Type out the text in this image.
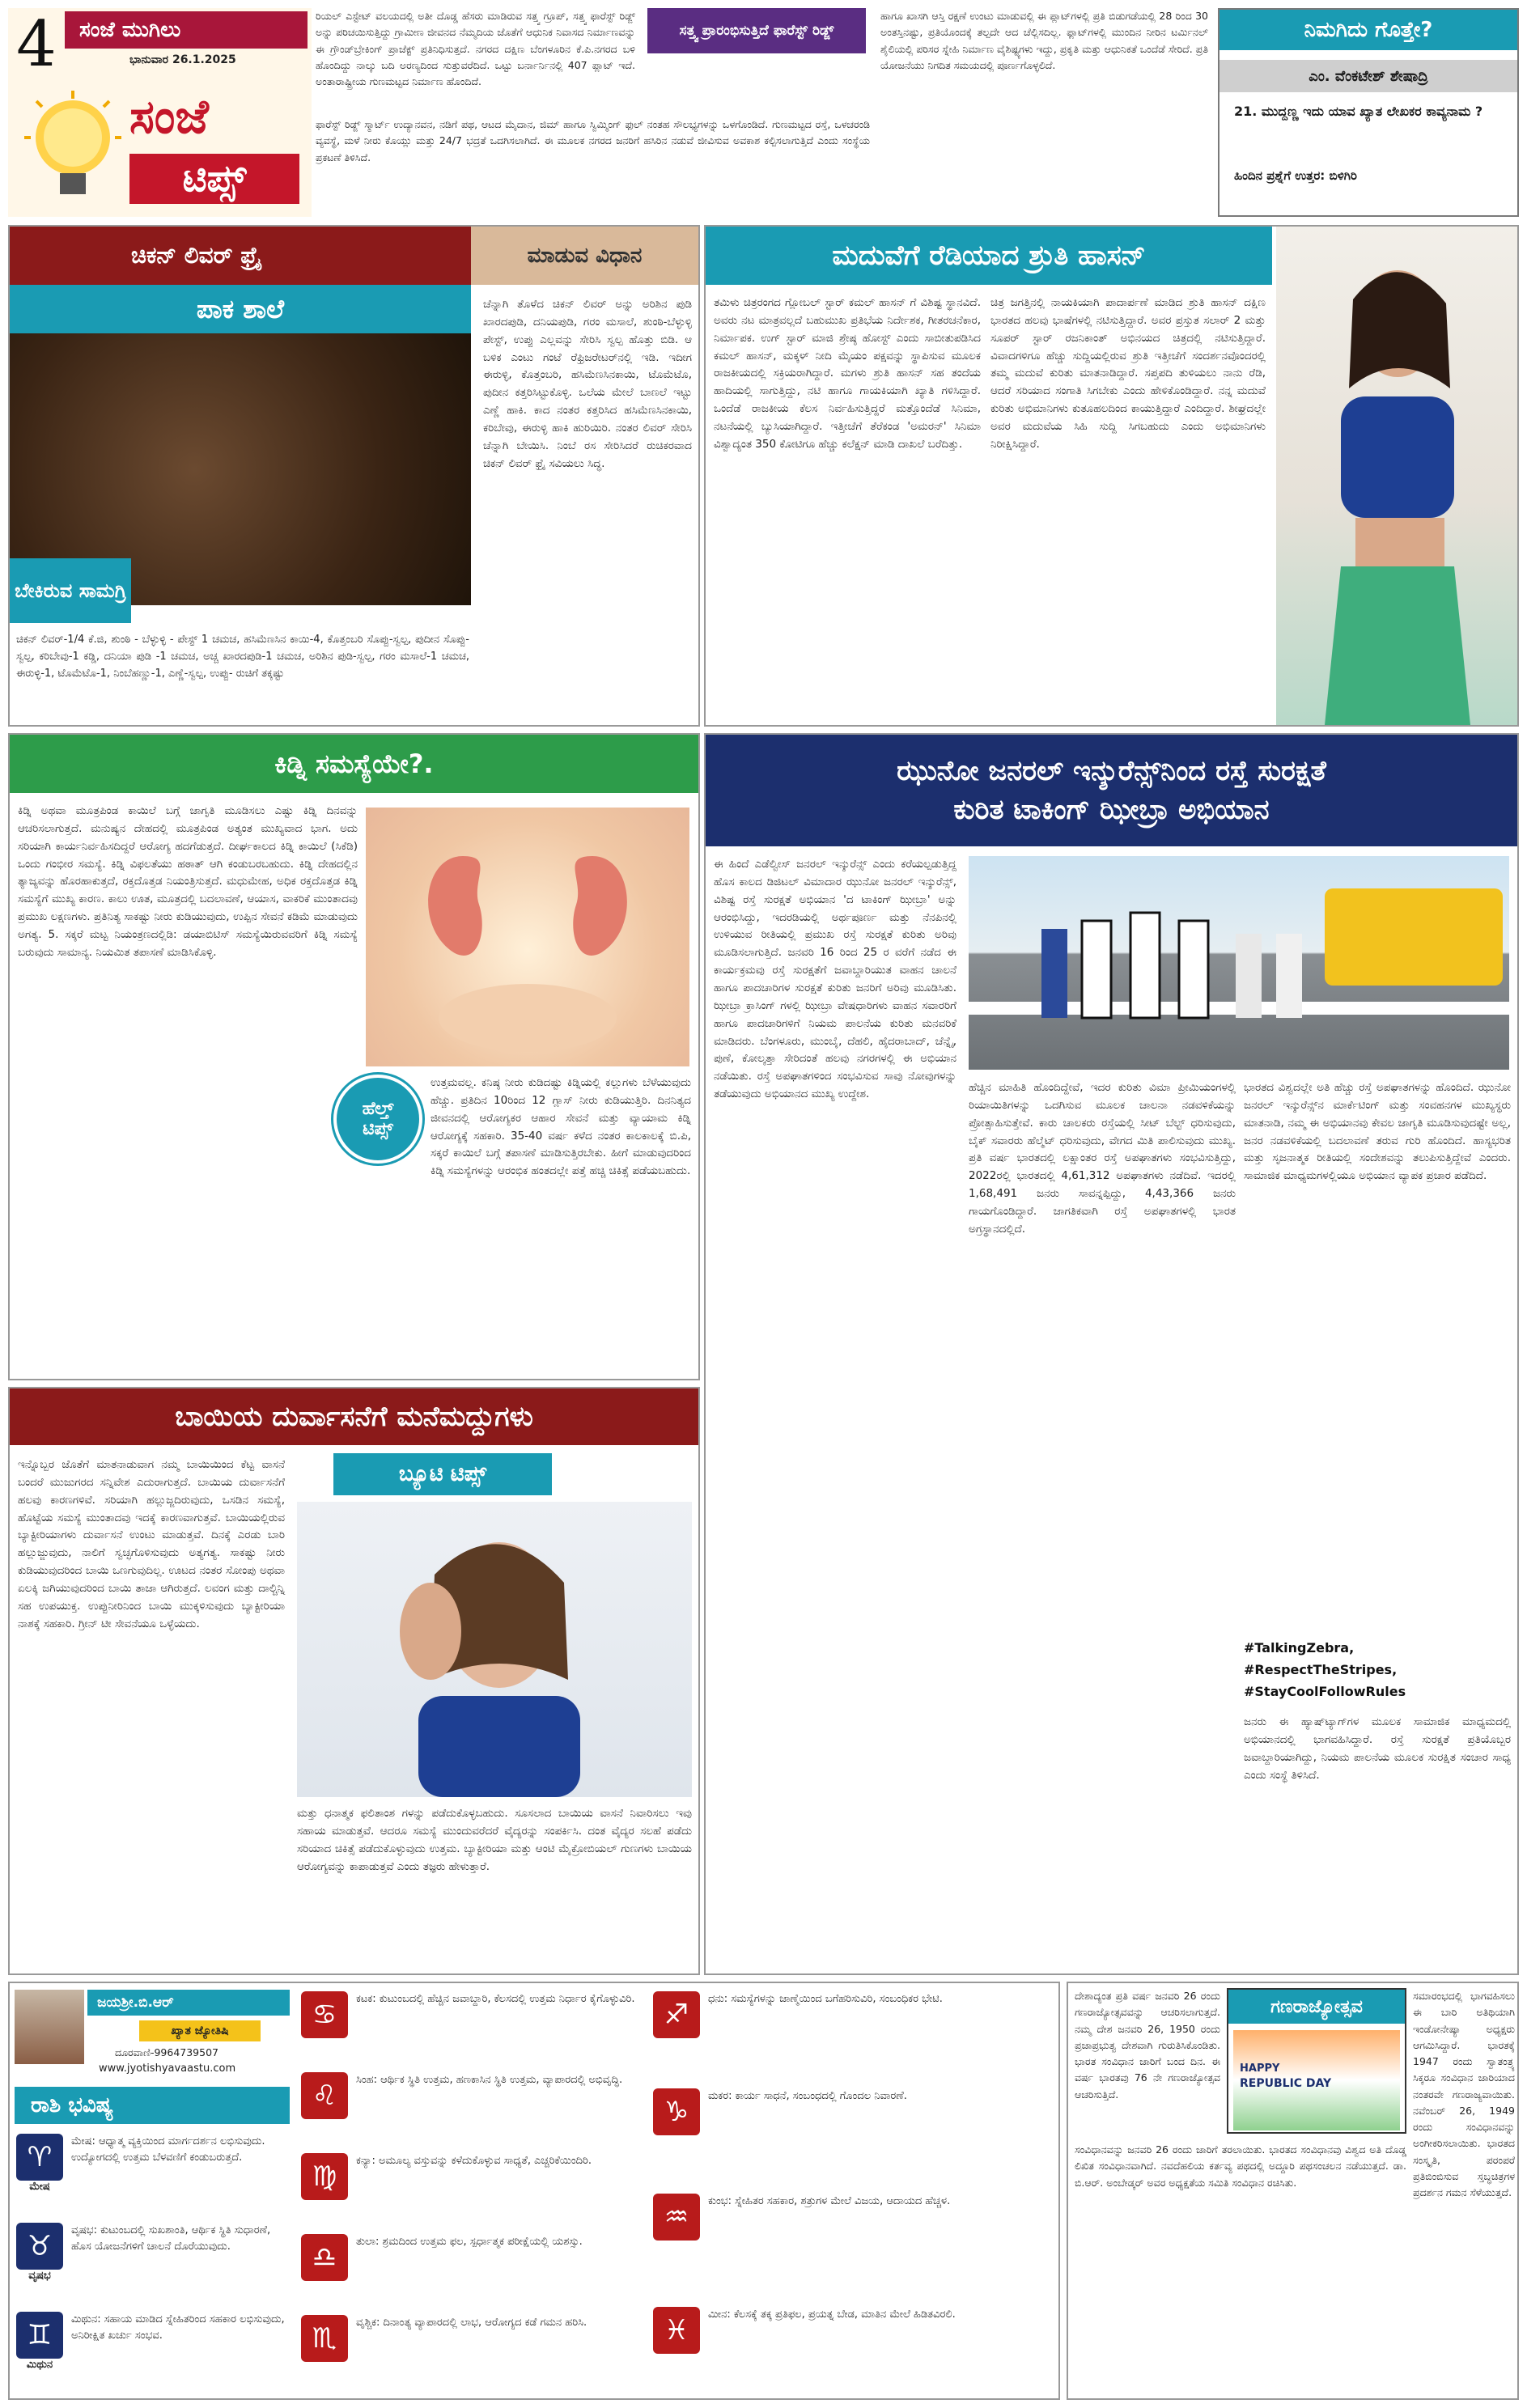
4	ಸಂಜೆ ಮುಗಿಲು
ಭಾನುವಾರ 26.1.2025
ಸಂಜೆ
ಟಿಪ್ಸ್
ರಿಯಲ್ ಎಸ್ಟೇಟ್ ವಲಯದಲ್ಲಿ ಅತೀ ದೊಡ್ಡ ಹೆಸರು ಮಾಡಿರುವ ಸತ್ತ್ವ ಗ್ರೂಪ್, ಸತ್ತ್ವ ಫಾರೆಸ್ಟ್ ರಿಡ್ಜ್ ಅನ್ನು ಪರಿಚಯಿಸುತ್ತಿದ್ದು ಗ್ರಾಮೀಣ ಜೀವನದ ನೆಮ್ಮದಿಯ ಜೊತೆಗೆ ಆಧುನಿಕ ನಿವಾಸದ ನಿರ್ಮಾಣವನ್ನು ಈ ಗ್ರೌಂಡ್‌ಬ್ರೇಕಿಂಗ್ ಪ್ರಾಜೆಕ್ಟ್ ಪ್ರತಿನಿಧಿಸುತ್ತದೆ. ನಗರದ ದಕ್ಷಿಣ ಬೆಂಗಳೂರಿನ ಕೆ.ಪಿ.ನಗರದ ಬಳಿ ಹೊಂದಿದ್ದು ನಾಲ್ಕು ಬದಿ ಅರಣ್ಯದಿಂದ ಸುತ್ತುವರೆದಿದೆ. ಒಟ್ಟು ಬರ್ನಾರ್ನಿನಲ್ಲಿ 407 ಪ್ಲಾಟ್ ಇದೆ. ಅಂತಾರಾಷ್ಟ್ರೀಯ ಗುಣಮಟ್ಟದ ನಿರ್ಮಾಣ ಹೊಂದಿದೆ.
ಸತ್ತ್ವ ಪ್ರಾರಂಭಿಸುತ್ತಿದೆ ಫಾರೆಸ್ಟ್ ರಿಡ್ಜ್
ಫಾರೆಸ್ಟ್ ರಿಡ್ಜ್ ಸ್ಮಾರ್ಟ್ ಉದ್ಯಾನವನ, ನಡಿಗೆ ಪಥ, ಆಟದ ಮೈದಾನ, ಜಿಮ್ ಹಾಗೂ ಸ್ವಿಮ್ಮಿಂಗ್ ಫುಲ್ ನಂತಹ ಸೌಲಭ್ಯಗಳನ್ನು ಒಳಗೊಂಡಿದೆ. ಗುಣಮಟ್ಟದ ರಸ್ತೆ, ಒಳಚರಂಡಿ ವ್ಯವಸ್ಥೆ, ಮಳೆ ನೀರು ಕೊಯ್ಲು ಮತ್ತು 24/7 ಭದ್ರತೆ ಒದಗಿಸಲಾಗಿದೆ. ಈ ಮೂಲಕ ನಗರದ ಜನರಿಗೆ ಹಸಿರಿನ ನಡುವೆ ಜೀವಿಸುವ ಅವಕಾಶ ಕಲ್ಪಿಸಲಾಗುತ್ತಿದೆ ಎಂದು ಸಂಸ್ಥೆಯ ಪ್ರಕಟಣೆ ತಿಳಿಸಿದೆ.
ಹಾಗೂ ಖಾಸಗಿ ಆಸ್ತಿ ರಕ್ಷಣೆ ಉಂಟು ಮಾಡುವಲ್ಲಿ ಈ ಪ್ಲಾಟ್‌ಗಳಲ್ಲಿ ಪ್ರತಿ ಬಿಡುಗಡೆಯಲ್ಲಿ 28 ರಿಂದ 30 ಅಂತಸ್ತಿನಷ್ಟು, ಪ್ರತಿಯೊಂದಕ್ಕೆ ತಲ್ಪದೇ ಆದ ಚೆಲ್ಲಿಸದಿಲ್ಲ. ಫ್ಲಾಟ್‌ಗಳಲ್ಲಿ ಮುಂದಿನ ನೀರಿನ ಟರ್ಮಿನಲ್ ಶೈಲಿಯಲ್ಲಿ ಪರಿಸರ ಸ್ನೇಹಿ ನಿರ್ಮಾಣ ವೈಶಿಷ್ಟ್ಯಗಳು ಇದ್ದು, ಪ್ರಕೃತಿ ಮತ್ತು ಆಧುನಿಕತೆ ಒಂದೆಡೆ ಸೇರಿದೆ. ಪ್ರತಿ ಯೋಜನೆಯು ನಿಗದಿತ ಸಮಯದಲ್ಲಿ ಪೂರ್ಣಗೊಳ್ಳಲಿದೆ.
ನಿಮಗಿದು ಗೊತ್ತೇ?
ಎಂ. ವೆಂಕಟೇಶ್ ಶೇಷಾದ್ರಿ
21. ಮುದ್ದಣ್ಣ ಇದು ಯಾವ ಖ್ಯಾತ ಲೇಖಕರ ಕಾವ್ಯನಾಮ ?
ಹಿಂದಿನ ಪ್ರಶ್ನೆಗೆ ಉತ್ತರ: ಬಿಳಿಗಿರಿ
ಚಿಕನ್ ಲಿವರ್ ಫ್ರೈ	ಮಾಡುವ ವಿಧಾನ
ಪಾಕ ಶಾಲೆ
ಬೇಕಿರುವ ಸಾಮಗ್ರಿ
ಚಿಕನ್ ಲಿವರ್-1/4 ಕೆ.ಜಿ, ಶುಂಠಿ - ಬೆಳ್ಳುಳ್ಳಿ - ಪೇಸ್ಟ್ 1 ಚಮಚ, ಹಸಿಮೆಣಸಿನ ಕಾಯಿ-4, ಕೊತ್ತಂಬರಿ ಸೊಪ್ಪು-ಸ್ವಲ್ಪ, ಪುದೀನ ಸೊಪ್ಪು-ಸ್ವಲ್ಪ, ಕರಿಬೇವು-1 ಕಡ್ಡಿ, ದನಿಯಾ ಪುಡಿ -1 ಚಮಚ, ಅಚ್ಚ ಖಾರದಪುಡಿ-1 ಚಮಚ, ಅರಿಶಿನ ಪುಡಿ-ಸ್ವಲ್ಪ, ಗರಂ ಮಸಾಲೆ-1 ಚಮಚ, ಈರುಳ್ಳಿ-1, ಟೊಮೆಟೊ-1, ನಿಂಬೆಹಣ್ಣು-1, ಎಣ್ಣೆ-ಸ್ವಲ್ಪ, ಉಪ್ಪು- ರುಚಿಗೆ ತಕ್ಕಷ್ಟು
ಚೆನ್ನಾಗಿ ತೊಳೆದ ಚಿಕನ್ ಲಿವರ್ ಅನ್ನು ಅರಿಶಿನ ಪುಡಿ ಖಾರದಪುಡಿ, ದನಿಯಪುಡಿ, ಗರಂ ಮಸಾಲೆ, ಶುಂಠಿ-ಬೆಳ್ಳುಳ್ಳಿ ಪೇಸ್ಟ್, ಉಪ್ಪು ಎಲ್ಲವನ್ನು ಸೇರಿಸಿ ಸ್ವಲ್ಪ ಹೊತ್ತು ಬಿಡಿ. ಆ ಬಳಿಕ ಎಂಟು ಗಂಟೆ ರೆಫ್ರಿಜರೇಟರ್‌ನಲ್ಲಿ ಇಡಿ. ಇದೀಗ ಈರುಳ್ಳಿ, ಕೊತ್ತಂಬರಿ, ಹಸಿಮೆಣಸಿನಕಾಯಿ, ಟೊಮೆಟೊ, ಪುದೀನ ಕತ್ತರಿಸಿಟ್ಟುಕೊಳ್ಳಿ. ಒಲೆಯ ಮೇಲೆ ಬಾಣಲೆ ಇಟ್ಟು ಎಣ್ಣೆ ಹಾಕಿ. ಕಾದ ನಂತರ ಕತ್ತರಿಸಿದ ಹಸಿಮೆಣಸಿನಕಾಯಿ, ಕರಿಬೇವು, ಈರುಳ್ಳಿ ಹಾಕಿ ಹುರಿಯಿರಿ. ನಂತರ ಲಿವರ್ ಸೇರಿಸಿ ಚೆನ್ನಾಗಿ ಬೇಯಿಸಿ. ನಿಂಬೆ ರಸ ಸೇರಿಸಿದರೆ ರುಚಿಕರವಾದ ಚಿಕನ್ ಲಿವರ್ ಫ್ರೈ ಸವಿಯಲು ಸಿದ್ಧ.
ಮದುವೆಗೆ ರೆಡಿಯಾದ ಶ್ರುತಿ ಹಾಸನ್
ತಮಿಳು ಚಿತ್ರರಂಗದ ಗ್ಲೋಬಲ್ ಸ್ಟಾರ್ ಕಮಲ್ ಹಾಸನ್ ಗೆ ವಿಶಿಷ್ಟ ಸ್ಥಾನವಿದೆ. ಅವರು ನಟ ಮಾತ್ರವಲ್ಲದೆ ಬಹುಮುಖ ಪ್ರತಿಭೆಯ ನಿರ್ದೇಶಕ, ಗೀತರಚನೆಕಾರ, ನಿರ್ಮಾಪಕ. ಉಗ್ ಸ್ಟಾರ್ ಮಾಜಿ ಶ್ರೇಷ್ಠ ಹೋಸ್ಟ್ ಎಂದು ಸಾಬೀತುಪಡಿಸಿದ ಕಮಲ್ ಹಾಸನ್, ಮಕ್ಕಳ್ ನೀದಿ ಮೈಯಂ ಪಕ್ಷವನ್ನು ಸ್ಥಾಪಿಸುವ ಮೂಲಕ ರಾಜಕೀಯದಲ್ಲಿ ಸಕ್ರಿಯರಾಗಿದ್ದಾರೆ. ಮಗಳು ಶ್ರುತಿ ಹಾಸನ್ ಸಹ ತಂದೆಯ ಹಾದಿಯಲ್ಲಿ ಸಾಗುತ್ತಿದ್ದು, ನಟಿ ಹಾಗೂ ಗಾಯಕಿಯಾಗಿ ಖ್ಯಾತಿ ಗಳಿಸಿದ್ದಾರೆ. ಒಂದೆಡೆ ರಾಜಕೀಯ ಕೆಲಸ ನಿರ್ವಹಿಸುತ್ತಿದ್ದರೆ ಮತ್ತೊಂದೆಡೆ ಸಿನಿಮಾ, ನಟನೆಯಲ್ಲಿ ಬ್ಯುಸಿಯಾಗಿದ್ದಾರೆ. ಇತ್ತೀಚೆಗೆ ತೆರೆಕಂಡ 'ಅಮರನ್' ಸಿನಿಮಾ ವಿಶ್ವಾದ್ಯಂತ 350 ಕೋಟಿಗೂ ಹೆಚ್ಚು ಕಲೆಕ್ಷನ್ ಮಾಡಿ ದಾಖಲೆ ಬರೆದಿತ್ತು.
ಚಿತ್ರ ಜಗತ್ತಿನಲ್ಲಿ ನಾಯಕಿಯಾಗಿ ಪಾದಾರ್ಪಣೆ ಮಾಡಿದ ಶ್ರುತಿ ಹಾಸನ್ ದಕ್ಷಿಣ ಭಾರತದ ಹಲವು ಭಾಷೆಗಳಲ್ಲಿ ನಟಿಸುತ್ತಿದ್ದಾರೆ. ಅವರ ಪ್ರಸ್ತುತ ಸಲಾರ್ 2 ಮತ್ತು ಸೂಪರ್ ಸ್ಟಾರ್ ರಜನಿಕಾಂತ್ ಅಭಿನಯದ ಚಿತ್ರದಲ್ಲಿ ನಟಿಸುತ್ತಿದ್ದಾರೆ. ವಿವಾದಗಳಿಗೂ ಹೆಚ್ಚು ಸುದ್ದಿಯಲ್ಲಿರುವ ಶ್ರುತಿ ಇತ್ತೀಚೆಗೆ ಸಂದರ್ಶನವೊಂದರಲ್ಲಿ ತಮ್ಮ ಮದುವೆ ಕುರಿತು ಮಾತನಾಡಿದ್ದಾರೆ. ಸಪ್ತಪದಿ ತುಳಿಯಲು ನಾನು ರೆಡಿ, ಆದರೆ ಸರಿಯಾದ ಸಂಗಾತಿ ಸಿಗಬೇಕು ಎಂದು ಹೇಳಿಕೊಂಡಿದ್ದಾರೆ. ನನ್ನ ಮದುವೆ ಕುರಿತು ಅಭಿಮಾನಿಗಳು ಕುತೂಹಲದಿಂದ ಕಾಯುತ್ತಿದ್ದಾರೆ ಎಂದಿದ್ದಾರೆ. ಶೀಘ್ರದಲ್ಲೇ ಅವರ ಮದುವೆಯ ಸಿಹಿ ಸುದ್ದಿ ಸಿಗಬಹುದು ಎಂದು ಅಭಿಮಾನಿಗಳು ನಿರೀಕ್ಷಿಸಿದ್ದಾರೆ.
ಕಿಡ್ನಿ ಸಮಸ್ಯೆಯೇ?.
ಕಿಡ್ನಿ ಅಥವಾ ಮೂತ್ರಪಿಂಡ ಕಾಯಿಲೆ ಬಗ್ಗೆ ಜಾಗೃತಿ ಮೂಡಿಸಲು ಎಷ್ಟು ಕಿಡ್ನಿ ದಿನವನ್ನು ಆಚರಿಸಲಾಗುತ್ತದೆ. ಮನುಷ್ಯನ ದೇಹದಲ್ಲಿ ಮೂತ್ರಪಿಂಡ ಅತ್ಯಂತ ಮುಖ್ಯವಾದ ಭಾಗ. ಅದು ಸರಿಯಾಗಿ ಕಾರ್ಯನಿರ್ವಹಿಸದಿದ್ದರೆ ಆರೋಗ್ಯ ಹದಗೆಡುತ್ತದೆ. ದೀರ್ಘಕಾಲದ ಕಿಡ್ನಿ ಕಾಯಿಲೆ (ಸಿಕೆಡಿ) ಒಂದು ಗಂಭೀರ ಸಮಸ್ಯೆ. ಕಿಡ್ನಿ ವಿಫಲತೆಯು ಹಠಾತ್ ಆಗಿ ಕಂಡುಬರಬಹುದು. ಕಿಡ್ನಿ ದೇಹದಲ್ಲಿನ ತ್ಯಾಜ್ಯವನ್ನು ಹೊರಹಾಕುತ್ತದೆ, ರಕ್ತದೊತ್ತಡ ನಿಯಂತ್ರಿಸುತ್ತದೆ. ಮಧುಮೇಹ, ಅಧಿಕ ರಕ್ತದೊತ್ತಡ ಕಿಡ್ನಿ ಸಮಸ್ಯೆಗೆ ಮುಖ್ಯ ಕಾರಣ. ಕಾಲು ಊತ, ಮೂತ್ರದಲ್ಲಿ ಬದಲಾವಣೆ, ಆಯಾಸ, ವಾಕರಿಕೆ ಮುಂತಾದವು ಪ್ರಮುಖ ಲಕ್ಷಣಗಳು. ಪ್ರತಿನಿತ್ಯ ಸಾಕಷ್ಟು ನೀರು ಕುಡಿಯುವುದು, ಉಪ್ಪಿನ ಸೇವನೆ ಕಡಿಮೆ ಮಾಡುವುದು ಅಗತ್ಯ. 5. ಸಕ್ಕರೆ ಮಟ್ಟ ನಿಯಂತ್ರಣದಲ್ಲಿಡಿ: ಡಯಾಬಿಟಿಸ್ ಸಮಸ್ಯೆಯಿರುವವರಿಗೆ ಕಿಡ್ನಿ ಸಮಸ್ಯೆ ಬರುವುದು ಸಾಮಾನ್ಯ. ನಿಯಮಿತ ತಪಾಸಣೆ ಮಾಡಿಸಿಕೊಳ್ಳಿ.
ಹೆಲ್ತ್
ಟಿಪ್ಸ್
ಉತ್ತಮವಲ್ಲ. ಕನಿಷ್ಠ ನೀರು ಕುಡಿದಷ್ಟು ಕಿಡ್ನಿಯಲ್ಲಿ ಕಲ್ಲುಗಳು ಬೆಳೆಯುವುದು ಹೆಚ್ಚು. ಪ್ರತಿದಿನ 10ರಿಂದ 12 ಗ್ಲಾಸ್ ನೀರು ಕುಡಿಯುತ್ತಿರಿ. ದಿನನಿತ್ಯದ ಜೀವನದಲ್ಲಿ ಆರೋಗ್ಯಕರ ಆಹಾರ ಸೇವನೆ ಮತ್ತು ವ್ಯಾಯಾಮ ಕಿಡ್ನಿ ಆರೋಗ್ಯಕ್ಕೆ ಸಹಕಾರಿ. 35-40 ವರ್ಷ ಕಳೆದ ನಂತರ ಕಾಲಕಾಲಕ್ಕೆ ಬಿ.ಪಿ, ಸಕ್ಕರೆ ಕಾಯಿಲೆ ಬಗ್ಗೆ ತಪಾಸಣೆ ಮಾಡಿಸುತ್ತಿರಬೇಕು. ಹೀಗೆ ಮಾಡುವುದರಿಂದ ಕಿಡ್ನಿ ಸಮಸ್ಯೆಗಳನ್ನು ಆರಂಭಿಕ ಹಂತದಲ್ಲೇ ಪತ್ತೆ ಹಚ್ಚಿ ಚಿಕಿತ್ಸೆ ಪಡೆಯಬಹುದು.
ಝುನೋ ಜನರಲ್ ಇನ್ಶುರೆನ್ಸ್‌ನಿಂದ ರಸ್ತೆ ಸುರಕ್ಷತೆ
ಕುರಿತ ಟಾಕಿಂಗ್ ಝೀಬ್ರಾ ಅಭಿಯಾನ
ಈ ಹಿಂದೆ ಎಡೆಲ್ವೀಸ್ ಜನರಲ್ ಇನ್ಶುರೆನ್ಸ್ ಎಂದು ಕರೆಯಲ್ಪಡುತ್ತಿದ್ದ ಹೊಸ ಕಾಲದ ಡಿಜಿಟಲ್ ವಿಮಾದಾರ ಝುನೋ ಜನರಲ್ ಇನ್ಶುರೆನ್ಸ್, ವಿಶಿಷ್ಟ ರಸ್ತೆ ಸುರಕ್ಷತೆ ಅಭಿಯಾನ 'ದ ಟಾಕಿಂಗ್ ಝೀಬ್ರಾ' ಅನ್ನು ಆರಂಭಿಸಿದ್ದು, ಇದರಡಿಯಲ್ಲಿ ಅರ್ಥಪೂರ್ಣ ಮತ್ತು ನೆನಪಿನಲ್ಲಿ ಉಳಿಯುವ ರೀತಿಯಲ್ಲಿ ಪ್ರಮುಖ ರಸ್ತೆ ಸುರಕ್ಷತೆ ಕುರಿತು ಅರಿವು ಮೂಡಿಸಲಾಗುತ್ತಿದೆ. ಜನವರಿ 16 ರಿಂದ 25 ರ ವರೆಗೆ ನಡೆದ ಈ ಕಾರ್ಯಕ್ರಮವು ರಸ್ತೆ ಸುರಕ್ಷತೆಗೆ ಜವಾಬ್ದಾರಿಯುತ ವಾಹನ ಚಾಲನೆ ಹಾಗೂ ಪಾದಚಾರಿಗಳ ಸುರಕ್ಷತೆ ಕುರಿತು ಜನರಿಗೆ ಅರಿವು ಮೂಡಿಸಿತು. ಝೀಬ್ರಾ ಕ್ರಾಸಿಂಗ್ ಗಳಲ್ಲಿ ಝೀಬ್ರಾ ವೇಷಧಾರಿಗಳು ವಾಹನ ಸವಾರರಿಗೆ ಹಾಗೂ ಪಾದಚಾರಿಗಳಿಗೆ ನಿಯಮ ಪಾಲನೆಯ ಕುರಿತು ಮನವರಿಕೆ ಮಾಡಿದರು. ಬೆಂಗಳೂರು, ಮುಂಬೈ, ದೆಹಲಿ, ಹೈದರಾಬಾದ್, ಚೆನ್ನೈ, ಪುಣೆ, ಕೋಲ್ಕತ್ತಾ ಸೇರಿದಂತೆ ಹಲವು ನಗರಗಳಲ್ಲಿ ಈ ಅಭಿಯಾನ ನಡೆಯಿತು. ರಸ್ತೆ ಅಪಘಾತಗಳಿಂದ ಸಂಭವಿಸುವ ಸಾವು ನೋವುಗಳನ್ನು ತಡೆಯುವುದು ಅಭಿಯಾನದ ಮುಖ್ಯ ಉದ್ದೇಶ.
ಹೆಚ್ಚಿನ ಮಾಹಿತಿ ಹೊಂದಿದ್ದೇವೆ, ಇದರ ಕುರಿತು ವಿಮಾ ಪ್ರೀಮಿಯಂಗಳಲ್ಲಿ ರಿಯಾಯಿತಿಗಳನ್ನು ಒದಗಿಸುವ ಮೂಲಕ ಚಾಲನಾ ನಡವಳಿಕೆಯನ್ನು ಪ್ರೋತ್ಸಾಹಿಸುತ್ತೇವೆ. ಕಾರು ಚಾಲಕರು ರಸ್ತೆಯಲ್ಲಿ ಸೀಟ್ ಬೆಲ್ಟ್ ಧರಿಸುವುದು, ಬೈಕ್ ಸವಾರರು ಹೆಲ್ಮೆಟ್ ಧರಿಸುವುದು, ವೇಗದ ಮಿತಿ ಪಾಲಿಸುವುದು ಮುಖ್ಯ. ಪ್ರತಿ ವರ್ಷ ಭಾರತದಲ್ಲಿ ಲಕ್ಷಾಂತರ ರಸ್ತೆ ಅಪಘಾತಗಳು ಸಂಭವಿಸುತ್ತಿದ್ದು, 2022ರಲ್ಲಿ ಭಾರತದಲ್ಲಿ 4,61,312 ಅಪಘಾತಗಳು ನಡೆದಿವೆ. ಇದರಲ್ಲಿ 1,68,491 ಜನರು ಸಾವನ್ನಪ್ಪಿದ್ದು, 4,43,366 ಜನರು ಗಾಯಗೊಂಡಿದ್ದಾರೆ. ಜಾಗತಿಕವಾಗಿ ರಸ್ತೆ ಅಪಘಾತಗಳಲ್ಲಿ ಭಾರತ ಅಗ್ರಸ್ಥಾನದಲ್ಲಿದೆ.
ಭಾರತದ ವಿಶ್ವದಲ್ಲೇ ಅತಿ ಹೆಚ್ಚು ರಸ್ತೆ ಅಪಘಾತಗಳನ್ನು ಹೊಂದಿದೆ. ಝುನೋ ಜನರಲ್ ಇನ್ಶುರೆನ್ಸ್‌ನ ಮಾರ್ಕೆಟಿಂಗ್ ಮತ್ತು ಸಂವಹನಗಳ ಮುಖ್ಯಸ್ಥರು ಮಾತನಾಡಿ, ನಮ್ಮ ಈ ಅಭಿಯಾನವು ಕೇವಲ ಜಾಗೃತಿ ಮೂಡಿಸುವುದಷ್ಟೇ ಅಲ್ಲ, ಜನರ ನಡವಳಿಕೆಯಲ್ಲಿ ಬದಲಾವಣೆ ತರುವ ಗುರಿ ಹೊಂದಿದೆ. ಹಾಸ್ಯಭರಿತ ಮತ್ತು ಸೃಜನಾತ್ಮಕ ರೀತಿಯಲ್ಲಿ ಸಂದೇಶವನ್ನು ತಲುಪಿಸುತ್ತಿದ್ದೇವೆ ಎಂದರು. ಸಾಮಾಜಿಕ ಮಾಧ್ಯಮಗಳಲ್ಲಿಯೂ ಅಭಿಯಾನ ವ್ಯಾಪಕ ಪ್ರಚಾರ ಪಡೆದಿದೆ.
#TalkingZebra, #RespectTheStripes, #StayCoolFollowRules
ಜನರು ಈ ಹ್ಯಾಷ್‌ಟ್ಯಾಗ್‌ಗಳ ಮೂಲಕ ಸಾಮಾಜಿಕ ಮಾಧ್ಯಮದಲ್ಲಿ ಅಭಿಯಾನದಲ್ಲಿ ಭಾಗವಹಿಸಿದ್ದಾರೆ. ರಸ್ತೆ ಸುರಕ್ಷತೆ ಪ್ರತಿಯೊಬ್ಬರ ಜವಾಬ್ದಾರಿಯಾಗಿದ್ದು, ನಿಯಮ ಪಾಲನೆಯ ಮೂಲಕ ಸುರಕ್ಷಿತ ಸಂಚಾರ ಸಾಧ್ಯ ಎಂದು ಸಂಸ್ಥೆ ತಿಳಿಸಿದೆ.
ಬಾಯಿಯ ದುರ್ವಾಸನೆಗೆ ಮನೆಮದ್ದುಗಳು
ಇನ್ನೊಬ್ಬರ ಜೊತೆಗೆ ಮಾತನಾಡುವಾಗ ನಮ್ಮ ಬಾಯಿಯಿಂದ ಕೆಟ್ಟ ವಾಸನೆ ಬಂದರೆ ಮುಜುಗರದ ಸನ್ನಿವೇಶ ಎದುರಾಗುತ್ತದೆ. ಬಾಯಿಯ ದುರ್ವಾಸನೆಗೆ ಹಲವು ಕಾರಣಗಳಿವೆ. ಸರಿಯಾಗಿ ಹಲ್ಲುಜ್ಜದಿರುವುದು, ಒಸಡಿನ ಸಮಸ್ಯೆ, ಹೊಟ್ಟೆಯ ಸಮಸ್ಯೆ ಮುಂತಾದವು ಇದಕ್ಕೆ ಕಾರಣವಾಗುತ್ತವೆ. ಬಾಯಿಯಲ್ಲಿರುವ ಬ್ಯಾಕ್ಟೀರಿಯಾಗಳು ದುರ್ವಾಸನೆ ಉಂಟು ಮಾಡುತ್ತವೆ. ದಿನಕ್ಕೆ ಎರಡು ಬಾರಿ ಹಲ್ಲುಜ್ಜುವುದು, ನಾಲಿಗೆ ಸ್ವಚ್ಛಗೊಳಿಸುವುದು ಅತ್ಯಗತ್ಯ. ಸಾಕಷ್ಟು ನೀರು ಕುಡಿಯುವುದರಿಂದ ಬಾಯಿ ಒಣಗುವುದಿಲ್ಲ. ಊಟದ ನಂತರ ಸೋಂಪು ಅಥವಾ ಏಲಕ್ಕಿ ಜಗಿಯುವುದರಿಂದ ಬಾಯಿ ತಾಜಾ ಆಗಿರುತ್ತದೆ. ಲವಂಗ ಮತ್ತು ದಾಲ್ಚಿನ್ನಿ ಸಹ ಉಪಯುಕ್ತ. ಉಪ್ಪುನೀರಿನಿಂದ ಬಾಯಿ ಮುಕ್ಕಳಿಸುವುದು ಬ್ಯಾಕ್ಟೀರಿಯಾ ನಾಶಕ್ಕೆ ಸಹಕಾರಿ. ಗ್ರೀನ್ ಟೀ ಸೇವನೆಯೂ ಒಳ್ಳೆಯದು.
ಬ್ಯೂಟಿ ಟಿಪ್ಸ್
ಮತ್ತು ಧನಾತ್ಮಕ ಫಲಿತಾಂಶ ಗಳನ್ನು ಪಡೆದುಕೊಳ್ಳಬಹುದು. ಸೂಸಲಾದ ಬಾಯಿಯ ವಾಸನೆ ನಿವಾರಿಸಲು ಇವು ಸಹಾಯ ಮಾಡುತ್ತವೆ. ಆದರೂ ಸಮಸ್ಯೆ ಮುಂದುವರೆದರೆ ವೈದ್ಯರನ್ನು ಸಂಪರ್ಕಿಸಿ. ದಂತ ವೈದ್ಯರ ಸಲಹೆ ಪಡೆದು ಸರಿಯಾದ ಚಿಕಿತ್ಸೆ ಪಡೆದುಕೊಳ್ಳುವುದು ಉತ್ತಮ. ಬ್ಯಾಕ್ಟೀರಿಯಾ ಮತ್ತು ಆಂಟಿ ಮೈಕ್ರೋಬಿಯಲ್ ಗುಣಗಳು ಬಾಯಿಯ ಆರೋಗ್ಯವನ್ನು ಕಾಪಾಡುತ್ತವೆ ಎಂದು ತಜ್ಞರು ಹೇಳುತ್ತಾರೆ.
ಜಯಶ್ರೀ.ಬಿ.ಆರ್
ಖ್ಯಾತ ಜ್ಯೋತಿಷಿ
ದೂರವಾಣಿ-9964739507
www.jyotishyavaastu.com
ರಾಶಿ ಭವಿಷ್ಯ
♈
ಮೇಷ
ಮೇಷ: ಆಧ್ಯಾತ್ಮ ವ್ಯಕ್ತಿಯಿಂದ ಮಾರ್ಗದರ್ಶನ ಲಭಿಸುವುದು. ಉದ್ಯೋಗದಲ್ಲಿ ಉತ್ತಮ ಬೆಳವಣಿಗೆ ಕಂಡುಬರುತ್ತದೆ.
♉
ವೃಷಭ
ವೃಷಭ: ಕುಟುಂಬದಲ್ಲಿ ಸುಖಶಾಂತಿ, ಆರ್ಥಿಕ ಸ್ಥಿತಿ ಸುಧಾರಣೆ, ಹೊಸ ಯೋಜನೆಗಳಿಗೆ ಚಾಲನೆ ದೊರೆಯುವುದು.
♊
ಮಿಥುನ
ಮಿಥುನ: ಸಹಾಯ ಮಾಡಿದ ಸ್ನೇಹಿತರಿಂದ ಸಹಕಾರ ಲಭಿಸುವುದು, ಅನಿರೀಕ್ಷಿತ ಖರ್ಚು ಸಂಭವ.
♋	ಕಟಕ: ಕುಟುಂಬದಲ್ಲಿ ಹೆಚ್ಚಿನ ಜವಾಬ್ದಾರಿ, ಕೆಲಸದಲ್ಲಿ ಉತ್ತಮ ನಿರ್ಧಾರ ಕೈಗೊಳ್ಳುವಿರಿ.
♌	ಸಿಂಹ: ಆರ್ಥಿಕ ಸ್ಥಿತಿ ಉತ್ತಮ, ಹಣಕಾಸಿನ ಸ್ಥಿತಿ ಉತ್ತಮ, ವ್ಯಾಪಾರದಲ್ಲಿ ಅಭಿವೃದ್ಧಿ.
♍	ಕನ್ಯಾ: ಅಮೂಲ್ಯ ವಸ್ತುವನ್ನು ಕಳೆದುಕೊಳ್ಳುವ ಸಾಧ್ಯತೆ, ಎಚ್ಚರಿಕೆಯಿಂದಿರಿ.
♎	ತುಲಾ: ಶ್ರಮದಿಂದ ಉತ್ತಮ ಫಲ, ಸ್ಪರ್ಧಾತ್ಮಕ ಪರೀಕ್ಷೆಯಲ್ಲಿ ಯಶಸ್ಸು.
♏	ವೃಶ್ಚಿಕ: ದಿನಾಂತ್ಯ ವ್ಯಾಪಾರದಲ್ಲಿ ಲಾಭ, ಆರೋಗ್ಯದ ಕಡೆ ಗಮನ ಹರಿಸಿ.
♐	ಧನು: ಸಮಸ್ಯೆಗಳನ್ನು ಜಾಣ್ಮೆಯಿಂದ ಬಗೆಹರಿಸುವಿರಿ, ಸಂಬಂಧಿಕರ ಭೇಟಿ.
♑	ಮಕರ: ಕಾರ್ಯ ಸಾಧನೆ, ಸಂಬಂಧದಲ್ಲಿ ಗೊಂದಲ ನಿವಾರಣೆ.
♒	ಕುಂಭ: ಸ್ನೇಹಿತರ ಸಹಕಾರ, ಶತ್ರುಗಳ ಮೇಲೆ ವಿಜಯ, ಆದಾಯದ ಹೆಚ್ಚಳ.
♓	ಮೀನ: ಕೆಲಸಕ್ಕೆ ತಕ್ಕ ಪ್ರತಿಫಲ, ಪ್ರಯತ್ನ ಬೇಡ, ಮಾತಿನ ಮೇಲೆ ಹಿಡಿತವಿರಲಿ.
ದೇಶಾದ್ಯಂತ ಪ್ರತಿ ವರ್ಷ ಜನವರಿ 26 ರಂದು ಗಣರಾಜ್ಯೋತ್ಸವವನ್ನು ಆಚರಿಸಲಾಗುತ್ತದೆ. ನಮ್ಮ ದೇಶ ಜನವರಿ 26, 1950 ರಂದು ಪ್ರಜಾಪ್ರಭುತ್ವ ದೇಶವಾಗಿ ಗುರುತಿಸಿಕೊಂಡಿತು. ಭಾರತ ಸಂವಿಧಾನ ಜಾರಿಗೆ ಬಂದ ದಿನ. ಈ ವರ್ಷ ಭಾರತವು 76 ನೇ ಗಣರಾಜ್ಯೋತ್ಸವ ಆಚರಿಸುತ್ತಿದೆ.
ಗಣರಾಜ್ಯೋತ್ಸವ
HAPPY
REPUBLIC DAY
ಸಂವಿಧಾನವನ್ನು ಜನವರಿ 26 ರಂದು ಜಾರಿಗೆ ತರಲಾಯಿತು. ಭಾರತದ ಸಂವಿಧಾನವು ವಿಶ್ವದ ಅತಿ ದೊಡ್ಡ ಲಿಖಿತ ಸಂವಿಧಾನವಾಗಿದೆ. ನವದೆಹಲಿಯ ಕರ್ತವ್ಯ ಪಥದಲ್ಲಿ ಅದ್ದೂರಿ ಪಥಸಂಚಲನ ನಡೆಯುತ್ತದೆ. ಡಾ. ಬಿ.ಆರ್. ಅಂಬೇಡ್ಕರ್ ಅವರ ಅಧ್ಯಕ್ಷತೆಯ ಸಮಿತಿ ಸಂವಿಧಾನ ರಚಿಸಿತು.
ಸಮಾರಂಭದಲ್ಲಿ ಭಾಗವಹಿಸಲು ಈ ಬಾರಿ ಅತಿಥಿಯಾಗಿ ಇಂಡೋನೇಷ್ಯಾ ಅಧ್ಯಕ್ಷರು ಆಗಮಿಸಿದ್ದಾರೆ. ಭಾರತಕ್ಕೆ 1947 ರಂದು ಸ್ವಾತಂತ್ರ್ಯ ಸಿಕ್ಕರೂ ಸಂವಿಧಾನ ಜಾರಿಯಾದ ನಂತರವೇ ಗಣರಾಜ್ಯವಾಯಿತು. ನವೆಂಬರ್ 26, 1949 ರಂದು ಸಂವಿಧಾನವನ್ನು ಅಂಗೀಕರಿಸಲಾಯಿತು. ಭಾರತದ ಸಂಸ್ಕೃತಿ, ಪರಂಪರೆ ಪ್ರತಿಬಿಂಬಿಸುವ ಸ್ತಬ್ಧಚಿತ್ರಗಳ ಪ್ರದರ್ಶನ ಗಮನ ಸೆಳೆಯುತ್ತದೆ.
